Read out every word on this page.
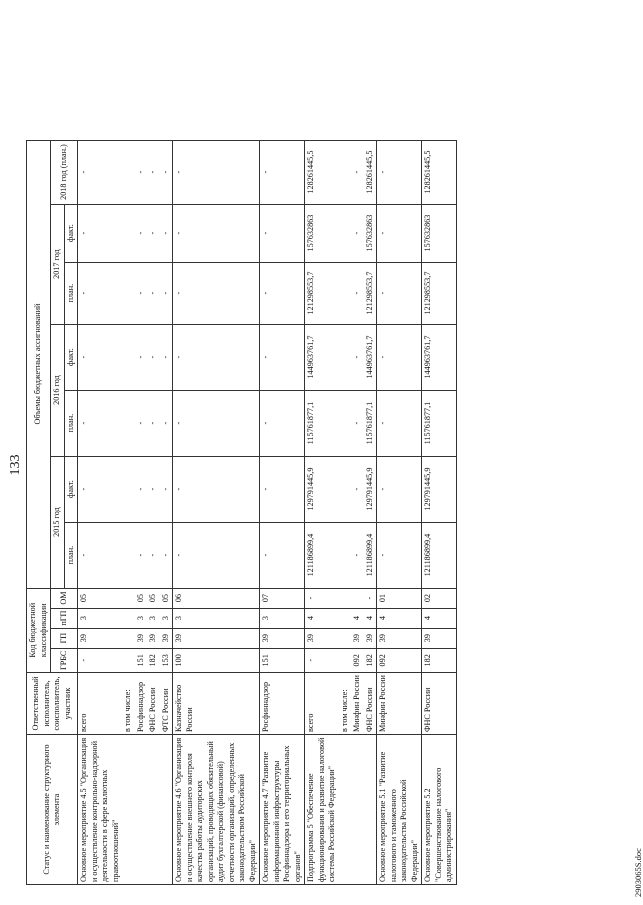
133
Статус и наименование структурного элемента	Ответственный исполнитель, соисполнитель, участник	Код бюджетной классификации				Объемы бюджетных ассигнований						
		ГРБС	ГП	пГП	ОМ	2015 год		2016 год		2017 год		2018 год (план.)
						план.	факт.	план.	факт.	план.	факт.	
Основное мероприятие 4.5 "Организация и осуществление контрольно-надзорной деятельности в сфере валютных правоотношений"	всего	-	39	3	05	-	-	-	-	-	-	-
	в том числе:											
	Росфиннадзор	151	39	3	05	-	-	-	-	-	-	-
	ФНС России	182	39	3	05	-	-	-	-	-	-	-
	ФТС России	153	39	3	05	-	-	-	-	-	-	-
Основное мероприятие 4.6 "Организация и осуществление внешнего контроля качества работы аудиторских организаций, проводящих обязательный аудит бухгалтерской (финансовой) отчетности организаций, определенных законодательством Российской Федерации"	Казначейство России	100	39	3	06	-	-	-	-	-	-	-
Основное мероприятие 4.7 "Развитие информационной инфраструктуры Росфиннадзора и его территориальных органов"	Росфиннадзор	151	39	3	07	-	-	-	-	-	-	-
Подпрограмма 5 "Обеспечение функционирования и развитие налоговой системы Российской Федерации"	всего	-	39	4	-	121186899,4	129791445,9	115761877,1	144963761,7	121298553,7	157632863	128261445,5
	в том числе:											
	Минфин России	092	39	4		-	-	-	-	-	-	-
	ФНС России	182	39	4	-	121186899,4	129791445,9	115761877,1	144963761,7	121298553,7	157632863	128261445,5
Основное мероприятие 5.1 "Развитие налогового и таможенного законодательства Российской Федерации"	Минфин России	092	39	4	01	-	-	-	-	-	-	-
Основное мероприятие 5.2 "Совершенствование налогового администрирования"	ФНС России	182	39	4	02	121186899,4	129791445,9	115761877,1	144963761,7	121298553,7	157632863	128261445,5
2903065S.doc
